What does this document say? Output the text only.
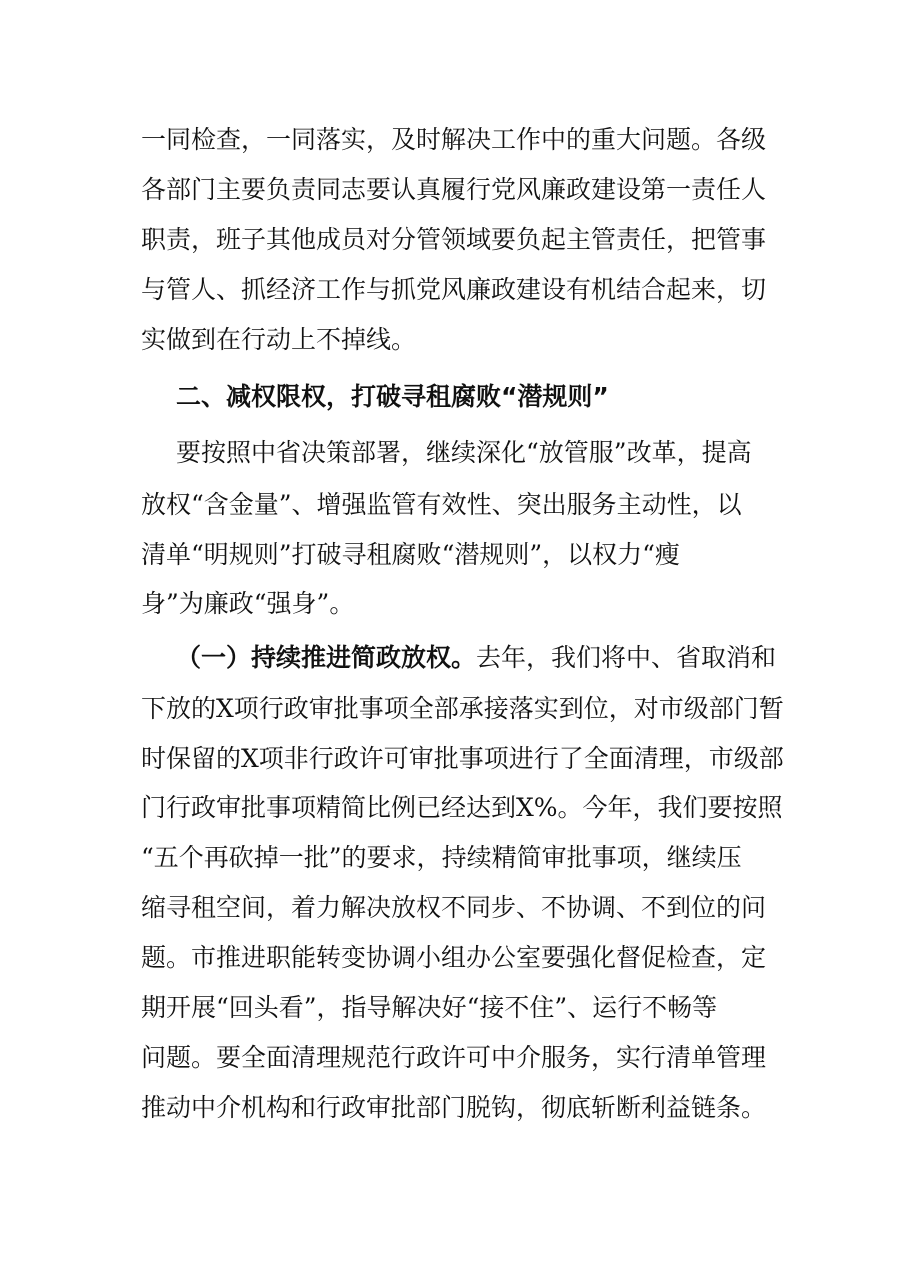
一同检查，一同落实，及时解决工作中的重大问题。各级
各部门主要负责同志要认真履行党风廉政建设第一责任人
职责，班子其他成员对分管领域要负起主管责任，把管事
与管人、抓经济工作与抓党风廉政建设有机结合起来，切
实做到在行动上不掉线。
二、减权限权，打破寻租腐败“潜规则”
要按照中省决策部署，继续深化“放管服”改革，提高
放权“含金量”、增强监管有效性、突出服务主动性，以
清单“明规则”打破寻租腐败“潜规则”，以权力“瘦
身”为廉政“强身”。
（一）持续推进简政放权。去年，我们将中、省取消和
下放的X项行政审批事项全部承接落实到位，对市级部门暂
时保留的X项非行政许可审批事项进行了全面清理，市级部
门行政审批事项精简比例已经达到X%。今年，我们要按照
“五个再砍掉一批”的要求，持续精简审批事项，继续压
缩寻租空间，着力解决放权不同步、不协调、不到位的问
题。市推进职能转变协调小组办公室要强化督促检查，定
期开展“回头看”，指导解决好“接不住”、运行不畅等
问题。要全面清理规范行政许可中介服务，实行清单管理
推动中介机构和行政审批部门脱钩，彻底斩断利益链条。
